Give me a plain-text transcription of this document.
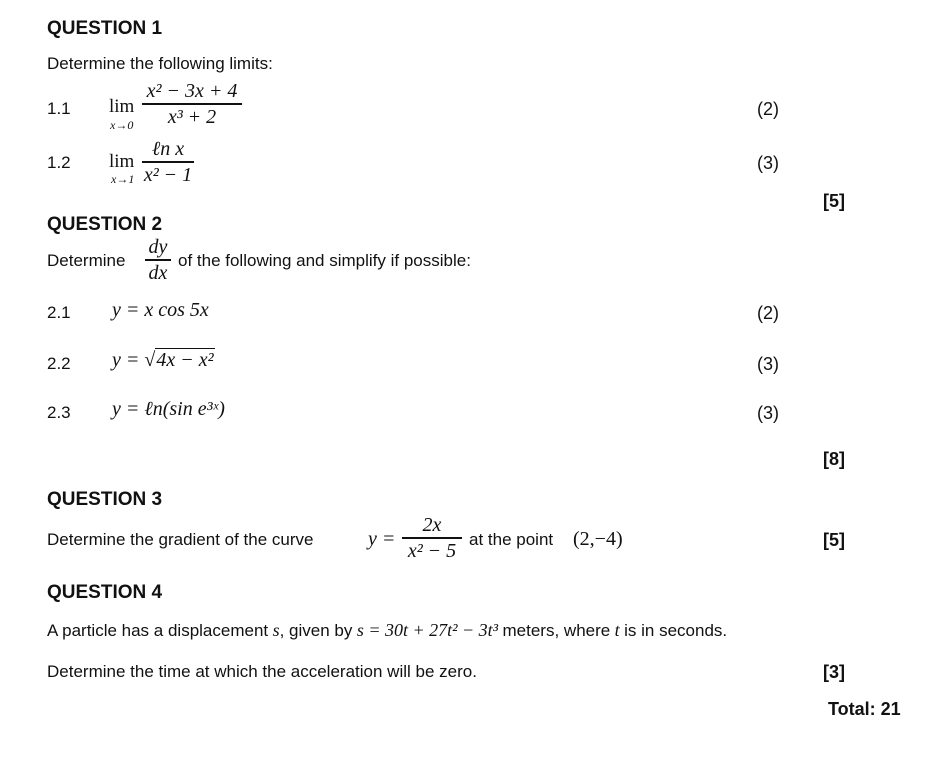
QUESTION 1
Determine the following limits:
1.1 lim
x→0
x² − 3x + 4
x³ + 2	(2)
1.2 lim
x→1
ℓn x
x² − 1
(3)
[5]
QUESTION 2
Determine
dy
dx
of the following and simplify if possible:
2.1 y = x cos 5x	(2)
2.2 y = √4x − x²	(3)
2.3 y = ℓn(sin e³ˣ)	(3)
[8]
QUESTION 3
Determine the gradient of the curve	y =
2x
x² − 5 at the point (2,−4)	[5]
QUESTION 4
A particle has a displacement s, given by s = 30t + 27t² − 3t³ meters, where t is in seconds.
Determine the time at which the acceleration will be zero.	[3]
Total: 21
